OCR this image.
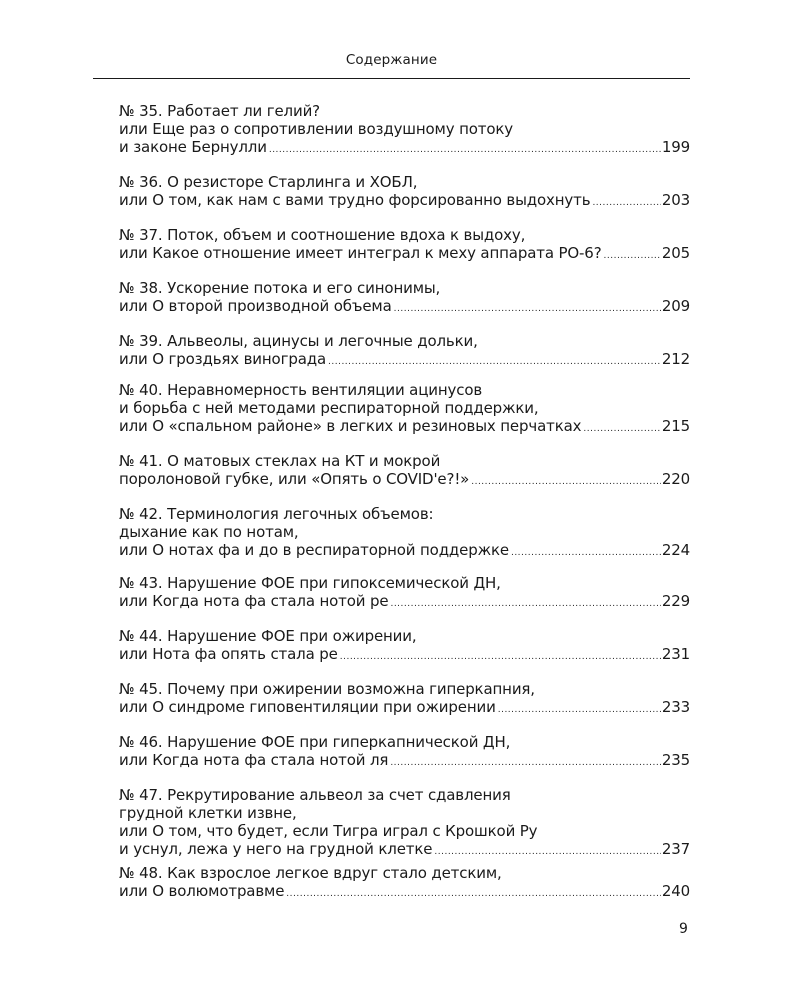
Содержание
№ 35. Работает ли гелий?
или Еще раз о сопротивлении воздушному потоку
и законе Бернулли .....	199
№ 36. О резисторе Старлинга и ХОБЛ,
или О том, как нам с вами трудно форсированно выдохнуть .....	203
№ 37. Поток, объем и соотношение вдоха к выдоху,
или Какое отношение имеет интеграл к меху аппарата РО-6? .....	205
№ 38. Ускорение потока и его синонимы,
или О второй производной объема .....	209
№ 39. Альвеолы, ацинусы и легочные дольки,
или О гроздьях винограда .....	212
№ 40. Неравномерность вентиляции ацинусов
и борьба с ней методами респираторной поддержки,
или О «спальном районе» в легких и резиновых перчатках .....	215
№ 41. О матовых стеклах на КТ и мокрой
поролоновой губке, или «Опять о COVID'е?!» .....	220
№ 42. Терминология легочных объемов:
дыхание как по нотам,
или О нотах фа и до в респираторной поддержке .....	224
№ 43. Нарушение ФОЕ при гипоксемической ДН,
или Когда нота фа стала нотой ре .....	229
№ 44. Нарушение ФОЕ при ожирении,
или Нота фа опять стала ре .....	231
№ 45. Почему при ожирении возможна гиперкапния,
или О синдроме гиповентиляции при ожирении .....	233
№ 46. Нарушение ФОЕ при гиперкапнической ДН,
или Когда нота фа стала нотой ля .....	235
№ 47. Рекрутирование альвеол за счет сдавления
грудной клетки извне,
или О том, что будет, если Тигра играл с Крошкой Ру
и уснул, лежа у него на грудной клетке .....	237
№ 48. Как взрослое легкое вдруг стало детским,
или О волюмотравме .....	240
9
